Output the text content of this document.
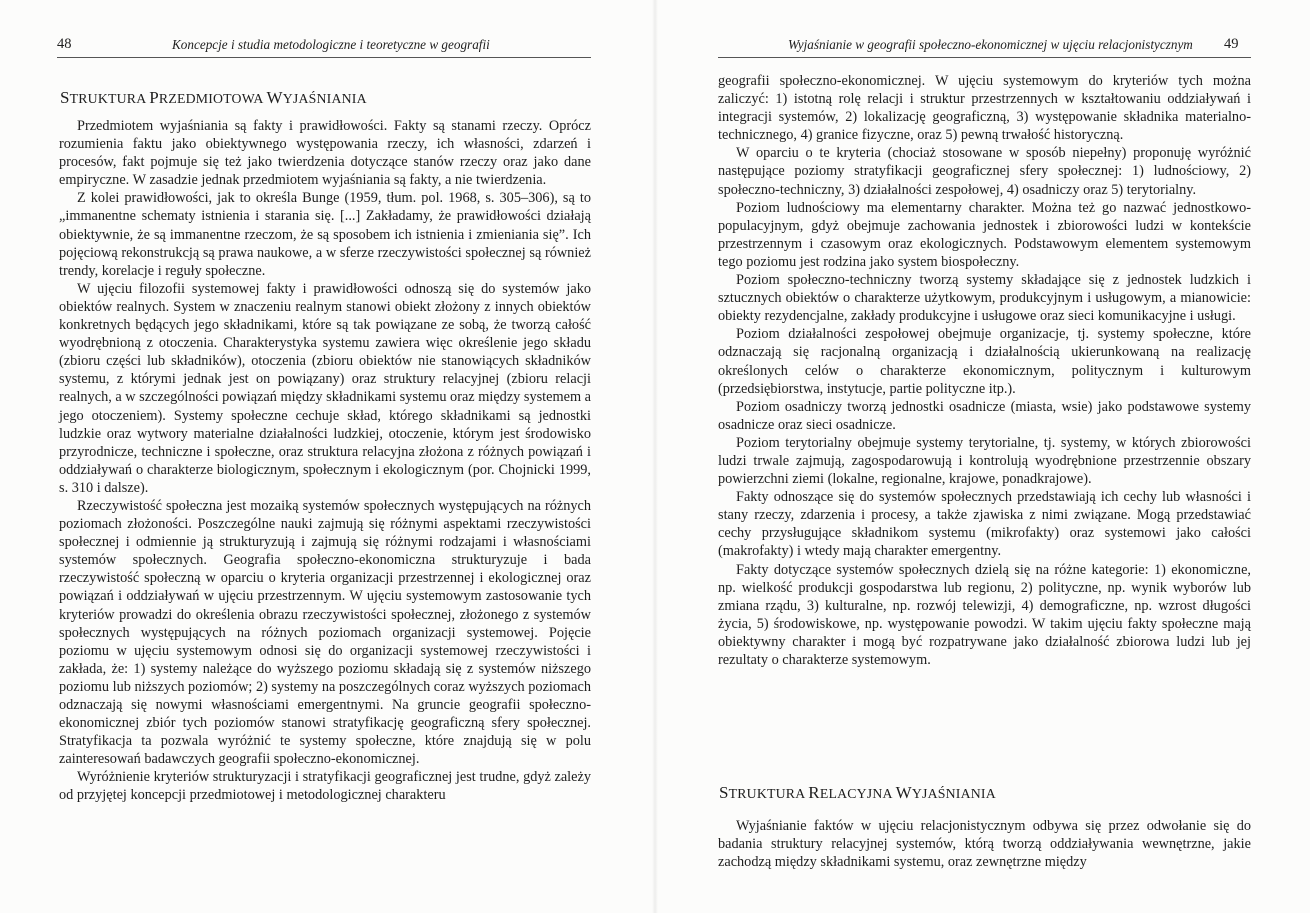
48	Koncepcje i studia metodologiczne i teoretyczne w geografii
STRUKTURA PRZEDMIOTOWA WYJAŚNIANIA

Przedmiotem wyjaśniania są fakty i prawidłowości. Fakty są stanami rzeczy. Oprócz rozumienia faktu jako obiektywnego występowania rzeczy, ich własności, zdarzeń i procesów, fakt pojmuje się też jako twierdzenia dotyczące stanów rzeczy oraz jako dane empiryczne. W zasadzie jednak przedmiotem wyjaśniania są fakty, a nie twierdzenia.

Z kolei prawidłowości, jak to określa Bunge (1959, tłum. pol. 1968, s. 305–306), są to „immanentne schematy istnienia i starania się. [...] Zakładamy, że prawidłowości działają obiektywnie, że są immanentne rzeczom, że są sposobem ich istnienia i zmieniania się”. Ich pojęciową rekonstrukcją są prawa naukowe, a w sferze rzeczywistości społecznej są również trendy, korelacje i reguły społeczne.

W ujęciu filozofii systemowej fakty i prawidłowości odnoszą się do systemów jako obiektów realnych. System w znaczeniu realnym stanowi obiekt złożony z innych obiektów konkretnych będących jego składnikami, które są tak powiązane ze sobą, że tworzą całość wyodrębnioną z otoczenia. Charakterystyka systemu zawiera więc określenie jego składu (zbioru części lub składników), otoczenia (zbioru obiektów nie stanowiących składników systemu, z którymi jednak jest on powiązany) oraz struktury relacyjnej (zbioru relacji realnych, a w szczególności powiązań między składnikami systemu oraz między systemem a jego otoczeniem). Systemy społeczne cechuje skład, którego składnikami są jednostki ludzkie oraz wytwory materialne działalności ludzkiej, otoczenie, którym jest środowisko przyrodnicze, techniczne i społeczne, oraz struktura relacyjna złożona z różnych powiązań i oddziaływań o charakterze biologicznym, społecznym i ekologicznym (por. Chojnicki 1999, s. 310 i dalsze).

Rzeczywistość społeczna jest mozaiką systemów społecznych występujących na różnych poziomach złożoności. Poszczególne nauki zajmują się różnymi aspektami rzeczywistości społecznej i odmiennie ją strukturyzują i zajmują się różnymi rodzajami i własnościami systemów społecznych. Geografia społeczno-ekonomiczna strukturyzuje i bada rzeczywistość społeczną w oparciu o kryteria organizacji przestrzennej i ekologicznej oraz powiązań i oddziaływań w ujęciu przestrzennym. W ujęciu systemowym zastosowanie tych kryteriów prowadzi do określenia obrazu rzeczywistości społecznej, złożonego z systemów społecznych występujących na różnych poziomach organizacji systemowej. Pojęcie poziomu w ujęciu systemowym odnosi się do organizacji systemowej rzeczywistości i zakłada, że: 1) systemy należące do wyższego poziomu składają się z systemów niższego poziomu lub niższych poziomów; 2) systemy na poszczególnych coraz wyższych poziomach odznaczają się nowymi własnościami emergentnymi. Na gruncie geografii społeczno-ekonomicznej zbiór tych poziomów stanowi stratyfikację geograficzną sfery społecznej. Stratyfikacja ta pozwala wyróżnić te systemy społeczne, które znajdują się w polu zainteresowań badawczych geografii społeczno-ekonomicznej.

Wyróżnienie kryteriów strukturyzacji i stratyfikacji geograficznej jest trudne, gdyż zależy od przyjętej koncepcji przedmiotowej i metodologicznej charakteru

Wyjaśnianie w geografii społeczno-ekonomicznej w ujęciu relacjonistycznym 49

geografii społeczno-ekonomicznej. W ujęciu systemowym do kryteriów tych można zaliczyć: 1) istotną rolę relacji i struktur przestrzennych w kształtowaniu oddziaływań i integracji systemów, 2) lokalizację geograficzną, 3) występowanie składnika materialno-technicznego, 4) granice fizyczne, oraz 5) pewną trwałość historyczną.

W oparciu o te kryteria (chociaż stosowane w sposób niepełny) proponuję wyróżnić następujące poziomy stratyfikacji geograficznej sfery społecznej: 1) ludnościowy, 2) społeczno-techniczny, 3) działalności zespołowej, 4) osadniczy oraz 5) terytorialny.

Poziom ludnościowy ma elementarny charakter. Można też go nazwać jednostkowo-populacyjnym, gdyż obejmuje zachowania jednostek i zbiorowości ludzi w kontekście przestrzennym i czasowym oraz ekologicznych. Podstawowym elementem systemowym tego poziomu jest rodzina jako system biospołeczny.

Poziom społeczno-techniczny tworzą systemy składające się z jednostek ludzkich i sztucznych obiektów o charakterze użytkowym, produkcyjnym i usługowym, a mianowicie: obiekty rezydencjalne, zakłady produkcyjne i usługowe oraz sieci komunikacyjne i usługi.

Poziom działalności zespołowej obejmuje organizacje, tj. systemy społeczne, które odznaczają się racjonalną organizacją i działalnością ukierunkowaną na realizację określonych celów o charakterze ekonomicznym, politycznym i kulturowym (przedsiębiorstwa, instytucje, partie polityczne itp.).

Poziom osadniczy tworzą jednostki osadnicze (miasta, wsie) jako podstawowe systemy osadnicze oraz sieci osadnicze.

Poziom terytorialny obejmuje systemy terytorialne, tj. systemy, w których zbiorowości ludzi trwale zajmują, zagospodarowują i kontrolują wyodrębnione przestrzennie obszary powierzchni ziemi (lokalne, regionalne, krajowe, ponadkrajowe).

Fakty odnoszące się do systemów społecznych przedstawiają ich cechy lub własności i stany rzeczy, zdarzenia i procesy, a także zjawiska z nimi związane. Mogą przedstawiać cechy przysługujące składnikom systemu (mikrofakty) oraz systemowi jako całości (makrofakty) i wtedy mają charakter emergentny.

Fakty dotyczące systemów społecznych dzielą się na różne kategorie: 1) ekonomiczne, np. wielkość produkcji gospodarstwa lub regionu, 2) polityczne, np. wynik wyborów lub zmiana rządu, 3) kulturalne, np. rozwój telewizji, 4) demograficzne, np. wzrost długości życia, 5) środowiskowe, np. występowanie powodzi. W takim ujęciu fakty społeczne mają obiektywny charakter i mogą być rozpatrywane jako działalność zbiorowa ludzi lub jej rezultaty o charakterze systemowym.

STRUKTURA RELACYJNA WYJAŚNIANIA

Wyjaśnianie faktów w ujęciu relacjonistycznym odbywa się przez odwołanie się do badania struktury relacyjnej systemów, którą tworzą oddziaływania wewnętrzne, jakie zachodzą między składnikami systemu, oraz zewnętrzne między
